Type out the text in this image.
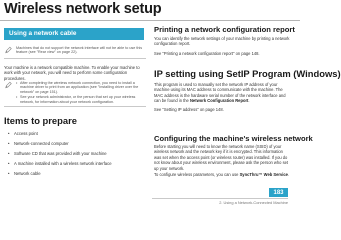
Wireless network setup
Using a network cable
Machines that do not support the network interface will not be able to use this feature (see "Rear view" on page 22).
Your machine is a network compatible machine. To enable your machine to work with your network, you will need to perform some configuration procedures.
• After completing the wireless network connection, you need to install a machine driver to print from an application (see "Installing driver over the network" on page 151).
• See your network administrator, or the person that set up your wireless network, for information about your network configuration.
Items to prepare
• Access point
• Network-connected computer
• Software CD that was provided with your machine
• A machine installed with a wireless network interface
• Network cable
Printing a network configuration report
You can identify the network settings of your machine by printing a network configuration report.
See "Printing a network configuration report" on page 148.
IP setting using SetIP Program (Windows)
This program is used to manually set the network IP address of your machine using its MAC address to communicate with the machine. The MAC address is the hardware serial number of the network interface and can be found in the Network Configuration Report.
See "Setting IP address" on page 148.
Configuring the machine's wireless network
Before starting you will need to know the network name (SSID) of your wireless network and the network key if it is encrypted. This information was set when the access point (or wireless router) was installed. If you do not know about your wireless environment, please ask the person who set up your network.
To configure wireless parameters, you can use SyncThru™ Web Service.
183
2. Using a Network-Connected Machine
